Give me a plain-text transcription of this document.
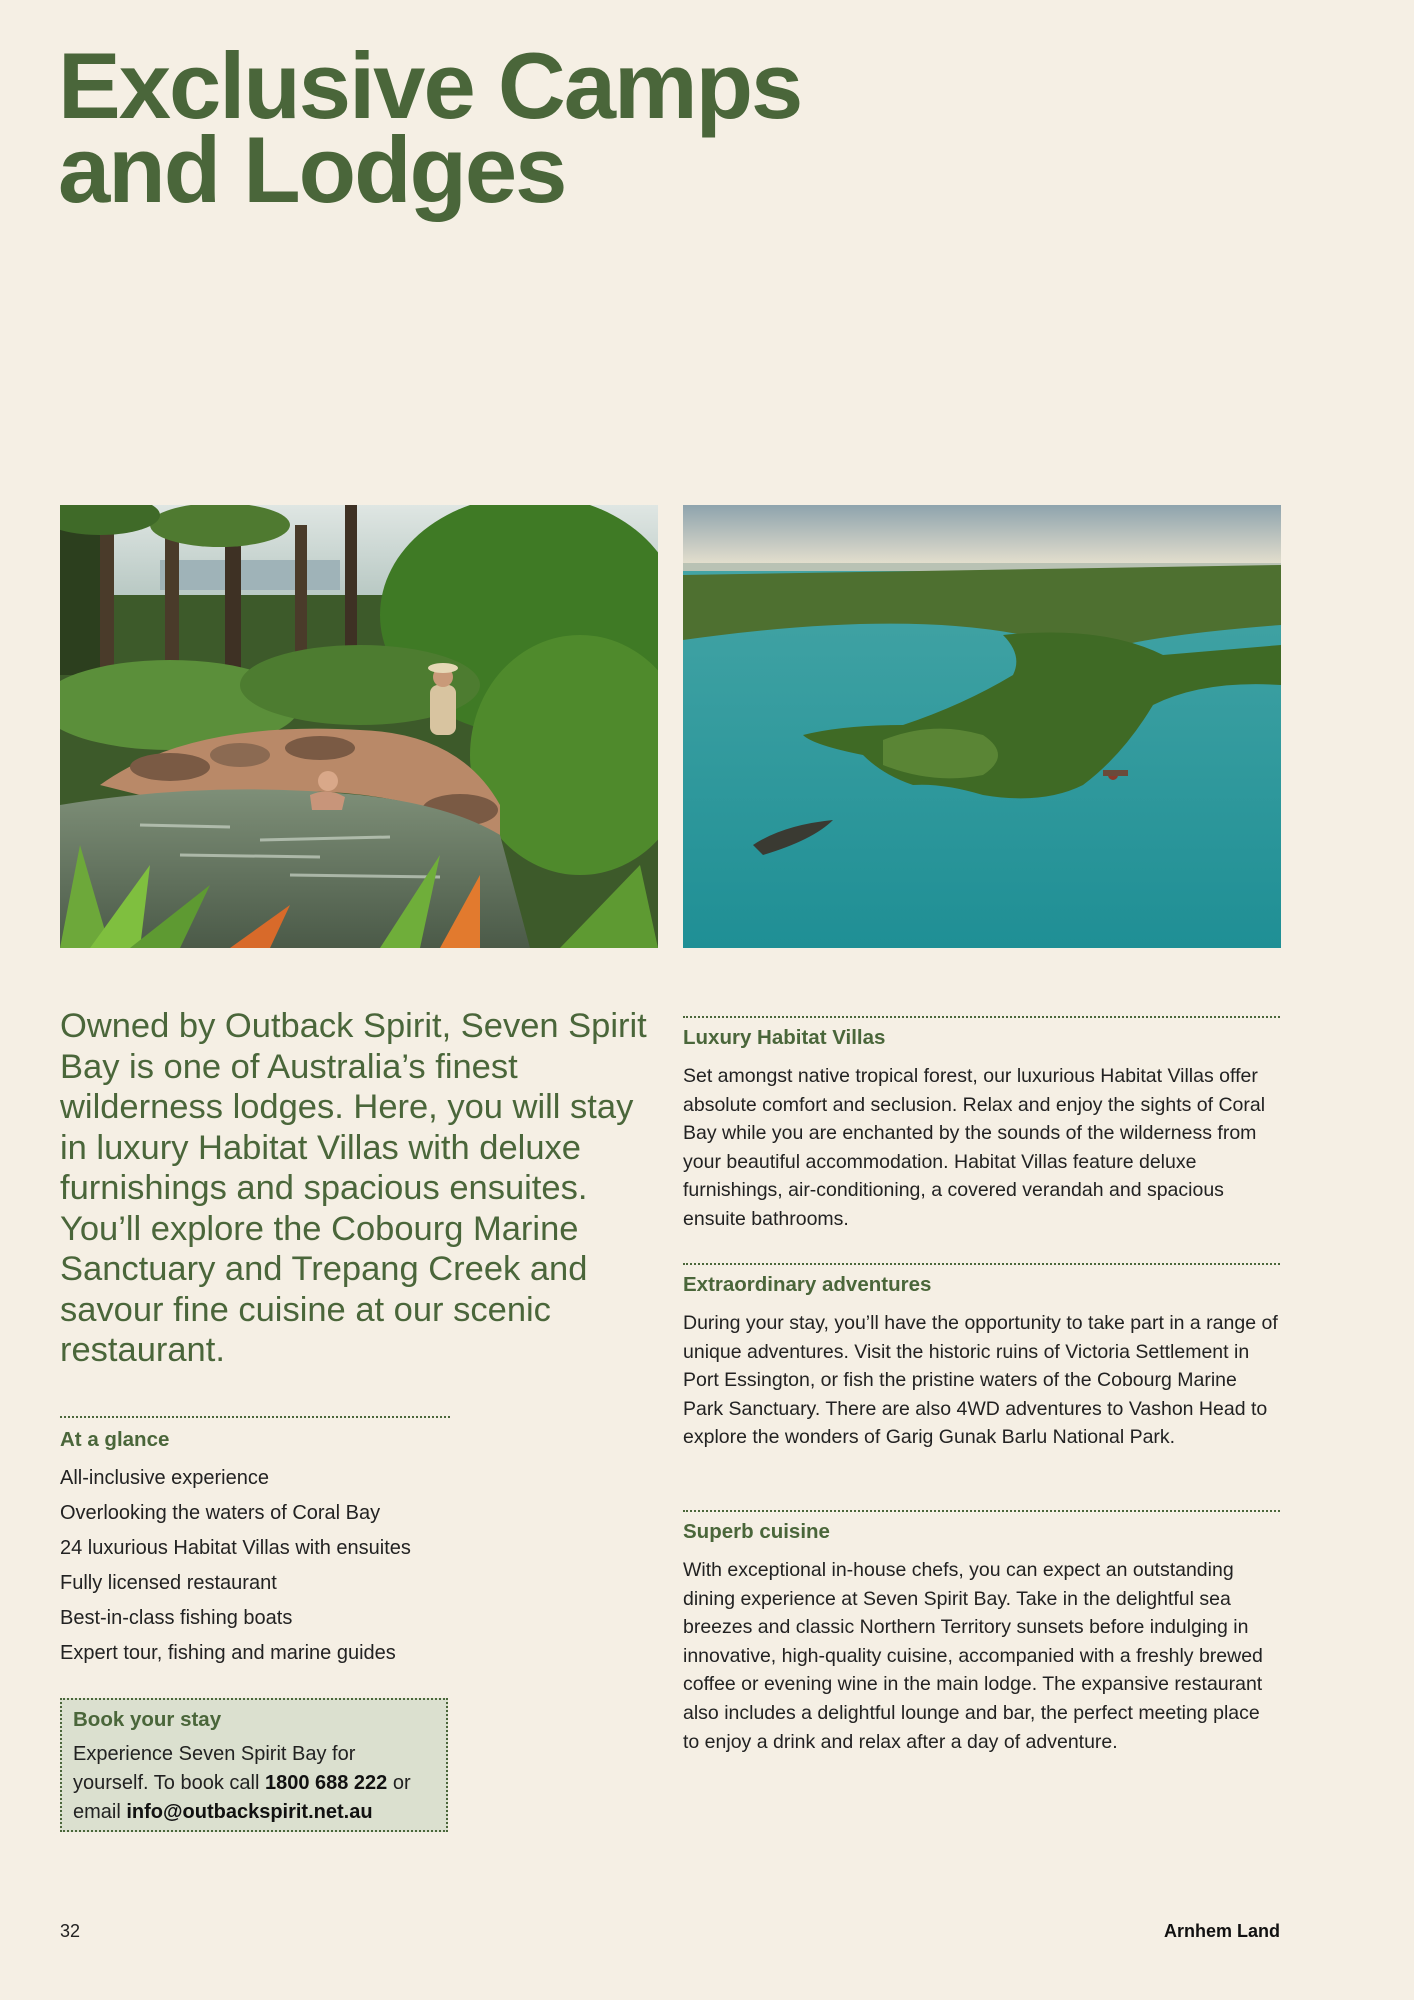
Exclusive Camps
and Lodges

Owned by Outback Spirit, Seven Spirit Bay is one of Australia’s finest wilderness lodges. Here, you will stay in luxury Habitat Villas with deluxe furnishings and spacious ensuites. You’ll explore the Cobourg Marine Sanctuary and Trepang Creek and savour fine cuisine at our scenic restaurant.

At a glance
All-inclusive experience
Overlooking the waters of Coral Bay
24 luxurious Habitat Villas with ensuites
Fully licensed restaurant
Best-in-class fishing boats
Expert tour, fishing and marine guides
Book your stay

Experience Seven Spirit Bay for yourself. To book call 1800 688 222 or email info@outbackspirit.net.au

Luxury Habitat Villas

Set amongst native tropical forest, our luxurious Habitat Villas offer absolute comfort and seclusion. Relax and enjoy the sights of Coral Bay while you are enchanted by the sounds of the wilderness from your beautiful accommodation. Habitat Villas feature deluxe furnishings, air-conditioning, a covered verandah and spacious ensuite bathrooms.

Extraordinary adventures

During your stay, you’ll have the opportunity to take part in a range of unique adventures. Visit the historic ruins of Victoria Settlement in Port Essington, or fish the pristine waters of the Cobourg Marine Park Sanctuary. There are also 4WD adventures to Vashon Head to explore the wonders of Garig Gunak Barlu National Park.

Superb cuisine

With exceptional in-house chefs, you can expect an outstanding dining experience at Seven Spirit Bay. Take in the delightful sea breezes and classic Northern Territory sunsets before indulging in innovative, high-quality cuisine, accompanied with a freshly brewed coffee or evening wine in the main lodge. The expansive restaurant also includes a delightful lounge and bar, the perfect meeting place to enjoy a drink and relax after a day of adventure.

32	Arnhem Land
